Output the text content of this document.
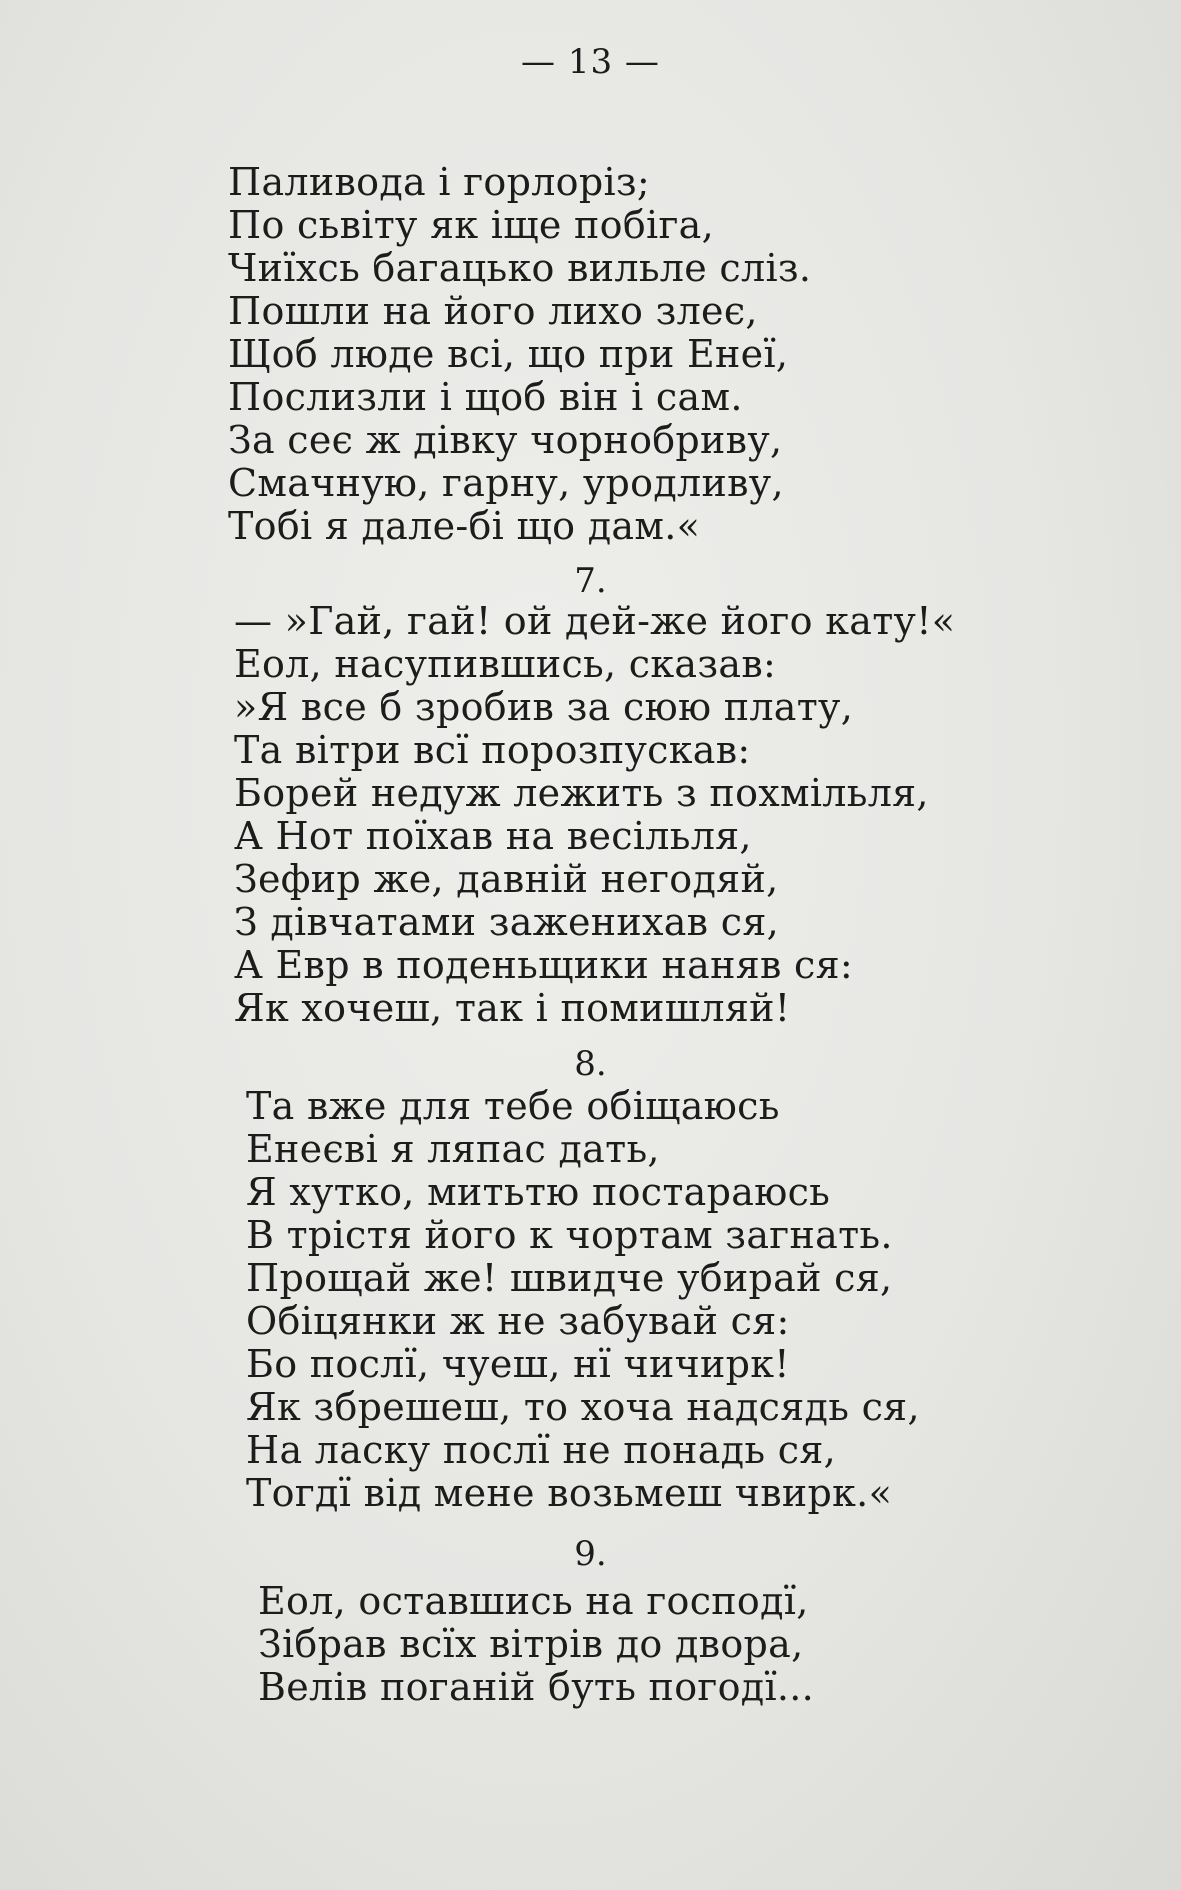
— 13 —
Паливода і горлоріз;
По сьвіту як іще побіга,
Чиїхсь багацько вильле сліз.
Пошли на його лихо злеє,
Щоб люде всі, що при Енеї,
Послизли і щоб він і сам.
За сеє ж дівку чорнобриву,
Смачную, гарну, уродливу,
Тобі я дале-бі що дам.«
7.
— »Гай, гай! ой дей-же його кату!«
Еол, насупившись, сказав:
»Я все б зробив за сюю плату,
Та вітри всї порозпускав:
Борей недуж лежить з похмільля,
А Нот поїхав на весільля,
Зефир же, давній негодяй,
З дівчатами заженихав ся,
А Евр в поденьщики наняв ся:
Як хочеш, так і помишляй!
8.
Та вже для тебе обіщаюсь
Енеєві я ляпас дать,
Я хутко, митьтю постараюсь
В трістя його к чортам загнать.
Прощай же! швидче убирай ся,
Обіцянки ж не забувай ся:
Бо послї, чуеш, нї чичирк!
Як збрешеш, то хоча надсядь ся,
На ласку послї не понадь ся,
Тогдї від мене возьмеш чвирк.«
9.
Еол, оставшись на господї,
Зібрав всїх вітрів до двора,
Велів поганій буть погодї...
